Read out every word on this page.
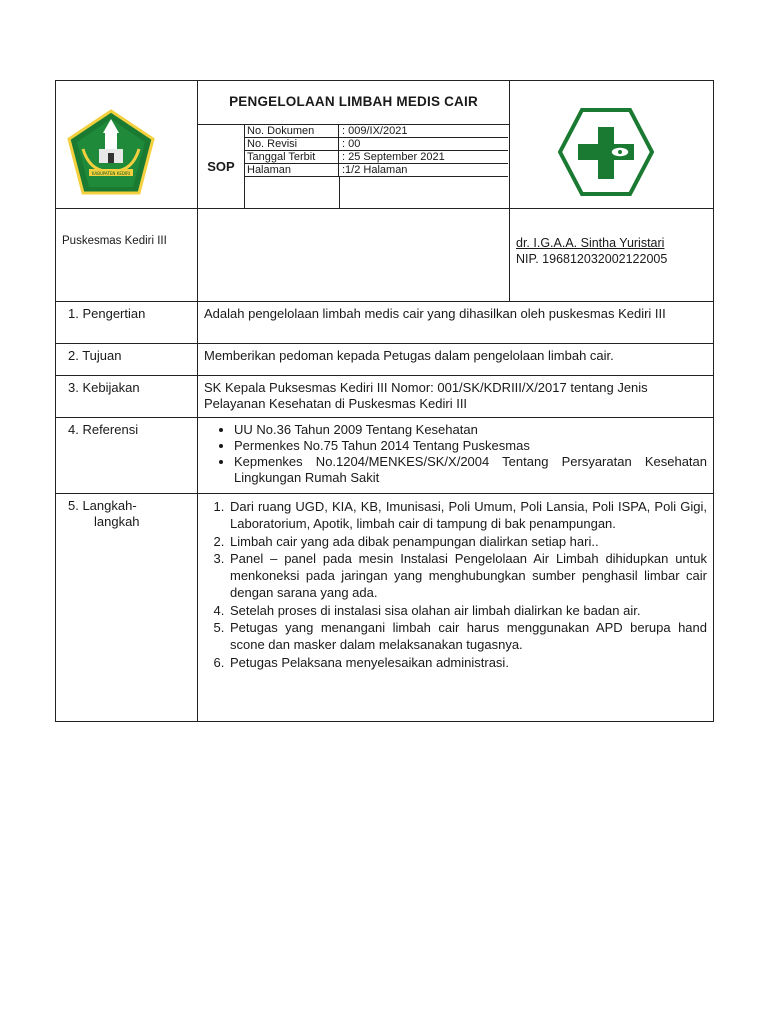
KABUPATEN KEDIRI

PENGELOLAAN LIMBAH MEDIS CAIR
SOP
No. Dokumen	: 009/IX/2021
No. Revisi	: 00
Tanggal Terbit	: 25 September 2021
Halaman	:1/2 Halaman

Puskesmas Kediri III		dr. I.G.A.A. Sintha Yuristari
NIP. 196812032002122005

1. Pengertian	Adalah pengelolaan limbah medis cair yang dihasilkan oleh puskesmas Kediri III
2. Tujuan	Memberikan pedoman kepada Petugas dalam pengelolaan limbah cair.
3. Kebijakan	SK Kepala Puksesmas Kediri III Nomor: 001/SK/KDRIII/X/2017 tentang Jenis Pelayanan Kesehatan di Puskesmas Kediri III
4. Referensi	
•UU No.36 Tahun 2009 Tentang Kesehatan
• Permenkes No.75 Tahun 2014 Tentang Puskesmas
• Kepmenkes No.1204/MENKES/SK/X/2004 Tentang Persyaratan Kesehatan Lingkungan Rumah Sakit

5. Langkah-
langkah

1. Dari ruang UGD, KIA, KB, Imunisasi, Poli Umum, Poli Lansia, Poli ISPA, Poli Gigi, Laboratorium, Apotik, limbah cair di tampung di bak penampungan.
2. Limbah cair yang ada dibak penampungan dialirkan setiap hari..
3. Panel – panel pada mesin Instalasi Pengelolaan Air Limbah dihidupkan untuk menkoneksi pada jaringan yang menghubungkan sumber penghasil limbar cair dengan sarana yang ada.
4. Setelah proses di instalasi sisa olahan air limbah dialirkan ke badan air.
5. Petugas yang menangani limbah cair harus menggunakan APD berupa hand scone dan masker dalam melaksanakan tugasnya.
6. Petugas Pelaksana menyelesaikan administrasi.
